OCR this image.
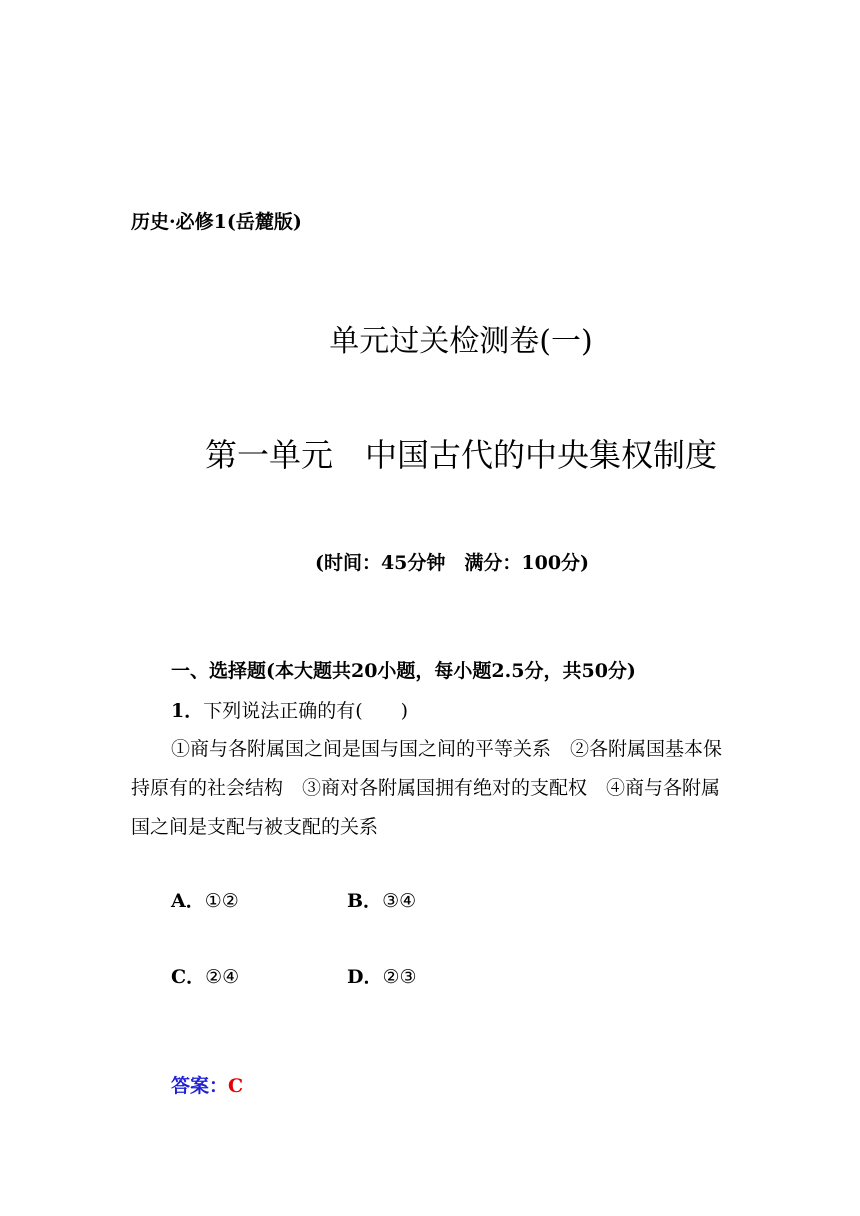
历史·必修1(岳麓版)
单元过关检测卷(一)
第一单元　中国古代的中央集权制度
(时间：45分钟　满分：100分)
一、选择题(本大题共20小题，每小题2.5分，共50分)
1．下列说法正确的有(　　)
①商与各附属国之间是国与国之间的平等关系　②各附属国基本保持原有的社会结构　③商对各附属国拥有绝对的支配权　④商与各附属国之间是支配与被支配的关系
A．①②	B．③④
C．②④	D．②③
答案：C
